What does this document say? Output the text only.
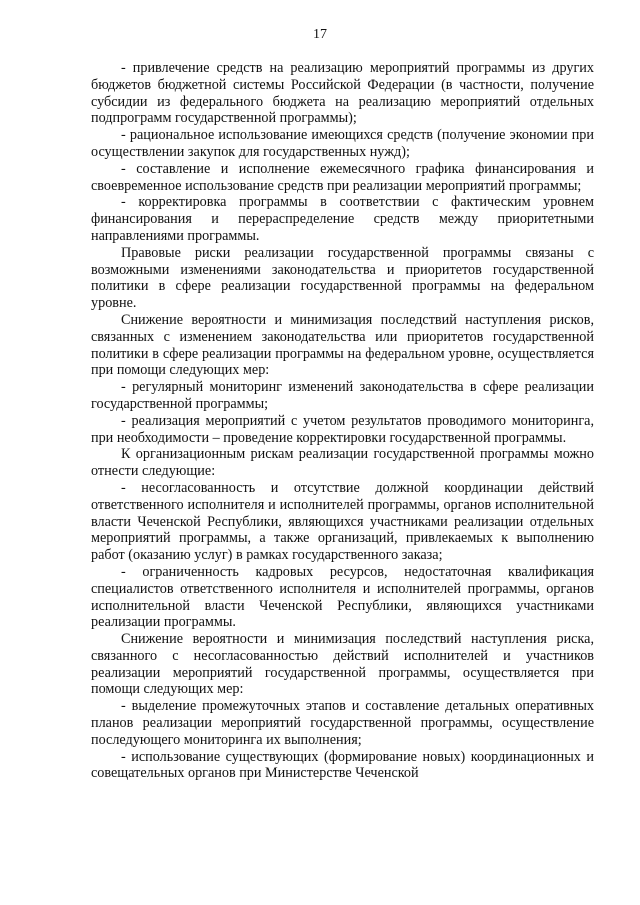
17

- привлечение средств на реализацию мероприятий программы из других бюджетов бюджетной системы Российской Федерации (в частности, получение субсидии из федерального бюджета на реализацию мероприятий отдельных подпрограмм государственной программы);

- рациональное использование имеющихся средств (получение экономии при осуществлении закупок для государственных нужд);

- составление и исполнение ежемесячного графика финансирования и своевременное использование средств при реализации мероприятий программы;

- корректировка программы в соответствии с фактическим уровнем финансирования и перераспределение средств между приоритетными направлениями программы.

Правовые риски реализации государственной программы связаны с возможными изменениями законодательства и приоритетов государственной политики в сфере реализации государственной программы на федеральном уровне.

Снижение вероятности и минимизация последствий наступления рисков, связанных с изменением законодательства или приоритетов государственной политики в сфере реализации программы на федеральном уровне, осуществляется при помощи следующих мер:

- регулярный мониторинг изменений законодательства в сфере реализации государственной программы;

- реализация мероприятий с учетом результатов проводимого мониторинга, при необходимости – проведение корректировки государственной программы.

К организационным рискам реализации государственной программы можно отнести следующие:

- несогласованность и отсутствие должной координации действий ответственного исполнителя и исполнителей программы, органов исполнительной власти Чеченской Республики, являющихся участниками реализации отдельных мероприятий программы, а также организаций, привлекаемых к выполнению работ (оказанию услуг) в рамках государственного заказа;

- ограниченность кадровых ресурсов, недостаточная квалификация специалистов ответственного исполнителя и исполнителей программы, органов исполнительной власти Чеченской Республики, являющихся участниками реализации программы.

Снижение вероятности и минимизация последствий наступления риска, связанного с несогласованностью действий исполнителей и участников реализации мероприятий государственной программы, осуществляется при помощи следующих мер:

- выделение промежуточных этапов и составление детальных оперативных планов реализации мероприятий государственной программы, осуществление последующего мониторинга их выполнения;

- использование существующих (формирование новых) координационных и совещательных органов при Министерстве Чеченской
